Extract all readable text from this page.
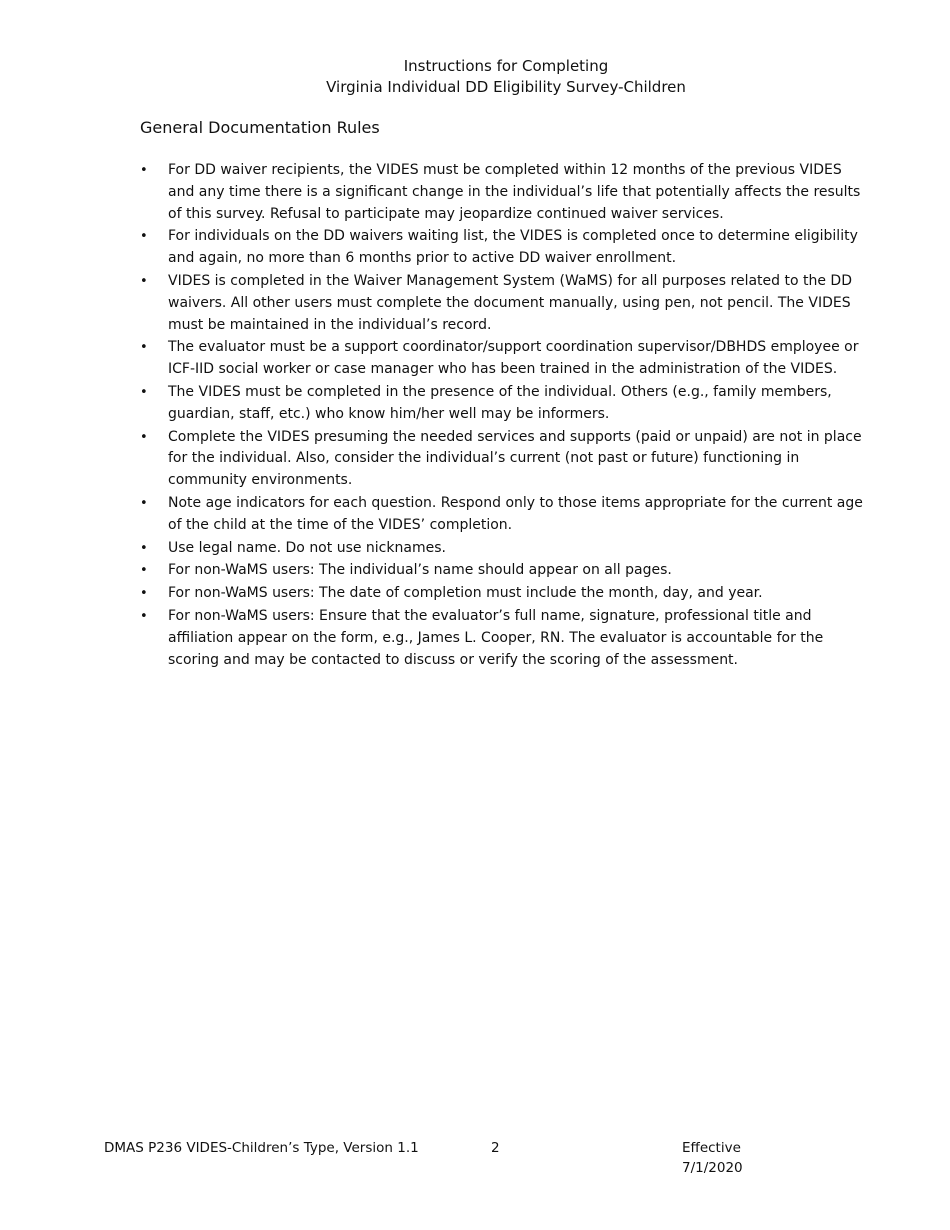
Instructions for Completing
Virginia Individual DD Eligibility Survey-Children
General Documentation Rules
• For DD waiver recipients, the VIDES must be completed within 12 months of the previous VIDES and any time there is a significant change in the individual’s life that potentially affects the results of this survey. Refusal to participate may jeopardize continued waiver services.
• For individuals on the DD waivers waiting list, the VIDES is completed once to determine eligibility and again, no more than 6 months prior to active DD waiver enrollment.
• VIDES is completed in the Waiver Management System (WaMS) for all purposes related to the DD waivers. All other users must complete the document manually, using pen, not pencil. The VIDES must be maintained in the individual’s record.
• The evaluator must be a support coordinator/support coordination supervisor/DBHDS employee or ICF-IID social worker or case manager who has been trained in the administration of the VIDES.
• The VIDES must be completed in the presence of the individual. Others (e.g., family members, guardian, staff, etc.) who know him/her well may be informers.
• Complete the VIDES presuming the needed services and supports (paid or unpaid) are not in place for the individual. Also, consider the individual’s current (not past or future) functioning in community environments.
• Note age indicators for each question. Respond only to those items appropriate for the current age of the child at the time of the VIDES’ completion.
• Use legal name. Do not use nicknames.
• For non-WaMS users: The individual’s name should appear on all pages.
• For non-WaMS users: The date of completion must include the month, day, and year.
• For non-WaMS users: Ensure that the evaluator’s full name, signature, professional title and affiliation appear on the form, e.g., James L. Cooper, RN. The evaluator is accountable for the scoring and may be contacted to discuss or verify the scoring of the assessment.
DMAS P236 VIDES-Children’s Type, Version 1.1	2	Effective 7/1/2020
